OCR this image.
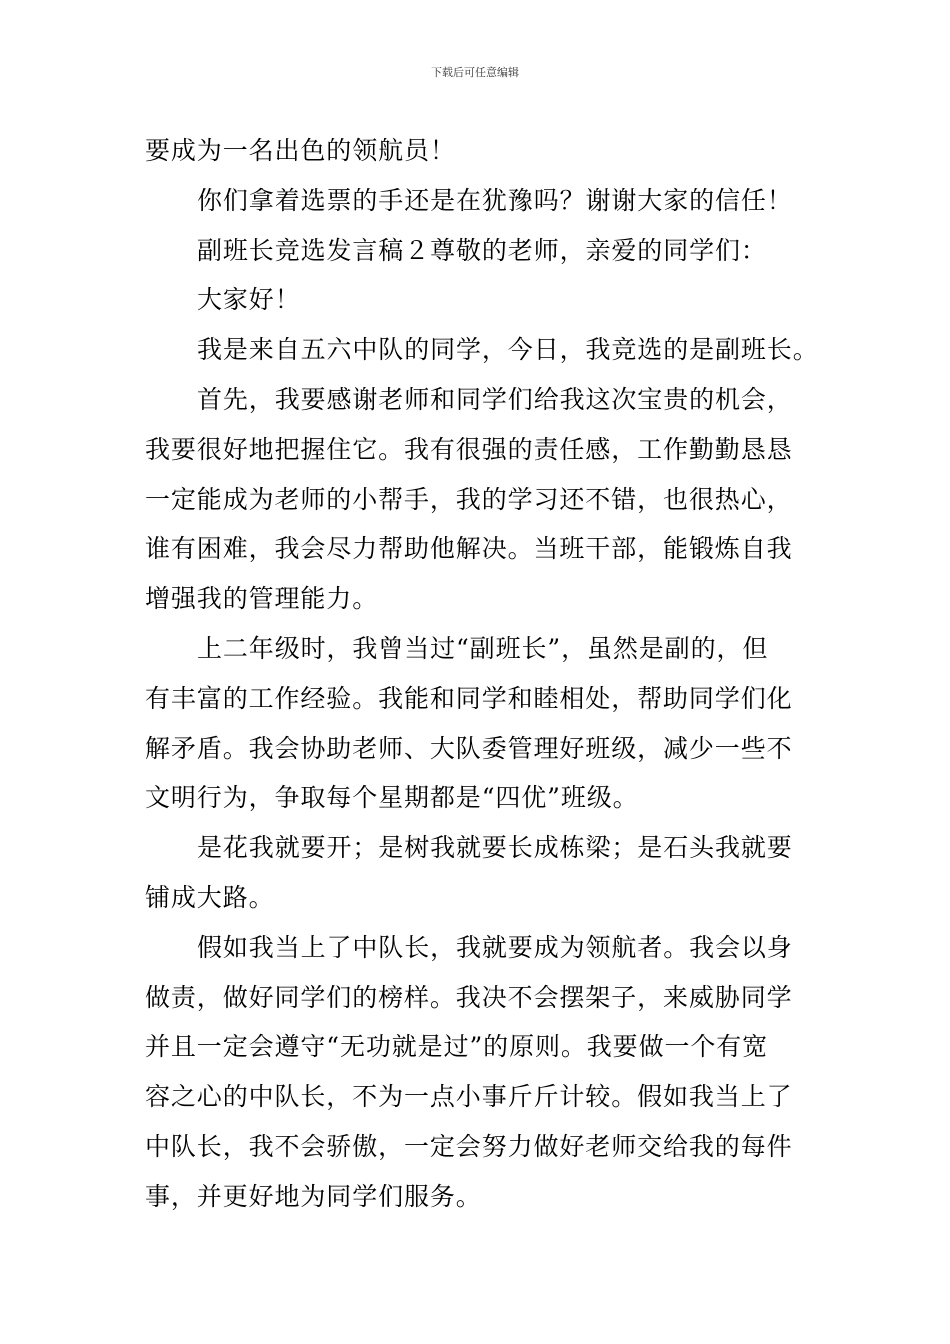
下载后可任意编辑

要成为一名出色的领航员！

你们拿着选票的手还是在犹豫吗？谢谢大家的信任！

副班长竞选发言稿２尊敬的老师，亲爱的同学们：

大家好！

我是来自五六中队的同学，今日，我竞选的是副班长。

首先，我要感谢老师和同学们给我这次宝贵的机会，
我要很好地把握住它。我有很强的责任感，工作勤勤恳恳
一定能成为老师的小帮手，我的学习还不错，也很热心，
谁有困难，我会尽力帮助他解决。当班干部，能锻炼自我
增强我的管理能力。

上二年级时，我曾当过“副班长”，虽然是副的，但
有丰富的工作经验。我能和同学和睦相处，帮助同学们化
解矛盾。我会协助老师、大队委管理好班级，减少一些不
文明行为，争取每个星期都是“四优”班级。

是花我就要开；是树我就要长成栋梁；是石头我就要
铺成大路。

假如我当上了中队长，我就要成为领航者。我会以身
做责，做好同学们的榜样。我决不会摆架子，来威胁同学
并且一定会遵守“无功就是过”的原则。我要做一个有宽
容之心的中队长，不为一点小事斤斤计较。假如我当上了
中队长，我不会骄傲，一定会努力做好老师交给我的每件
事，并更好地为同学们服务。
